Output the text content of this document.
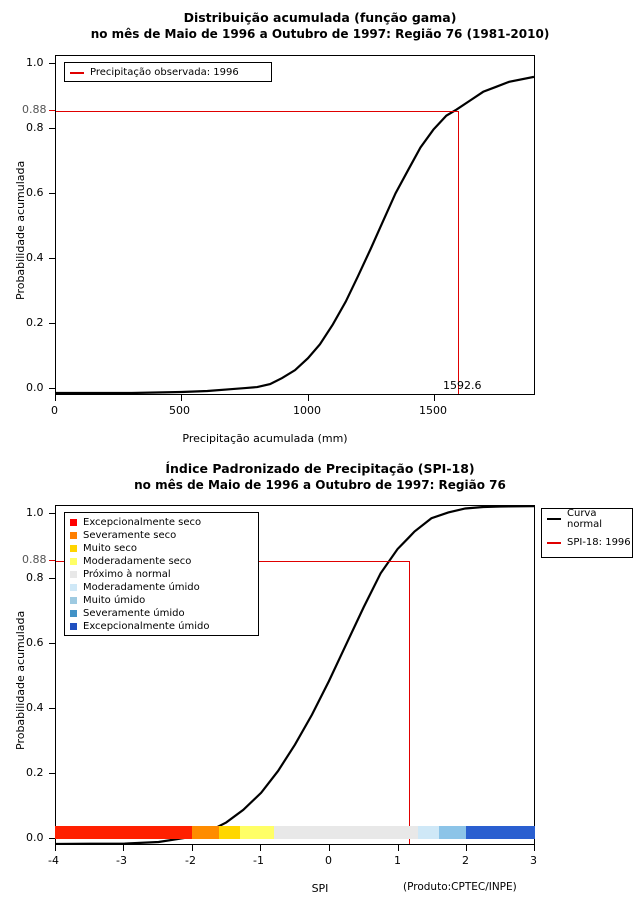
Distribuição acumulada (função gama)
no mês de Maio de 1996 a Outubro de 1997: Região 76 (1981-2010)
Probabilidade acumulada
Precipitação observada: 1996
0.0
0.2
0.4
0.6
0.8
1.0
0.88
0	500	1000	1500
1592.6
Precipitação acumulada (mm)
Índice Padronizado de Precipitação (SPI-18)
no mês de Maio de 1996 a Outubro de 1997: Região 76
Probabilidade acumulada
Excepcionalmente seco
Severamente seco
Muito seco
Moderadamente seco
Próximo à normal
Moderadamente úmido
Muito úmido
Severamente úmido
Excepcionalmente úmido
Curva normal
SPI-18: 1996
0.0
0.2
0.4
0.6
0.8
1.0
0.88
-4	-3	-2	-1	0	1	2	3
SPI	(Produto:CPTEC/INPE)
